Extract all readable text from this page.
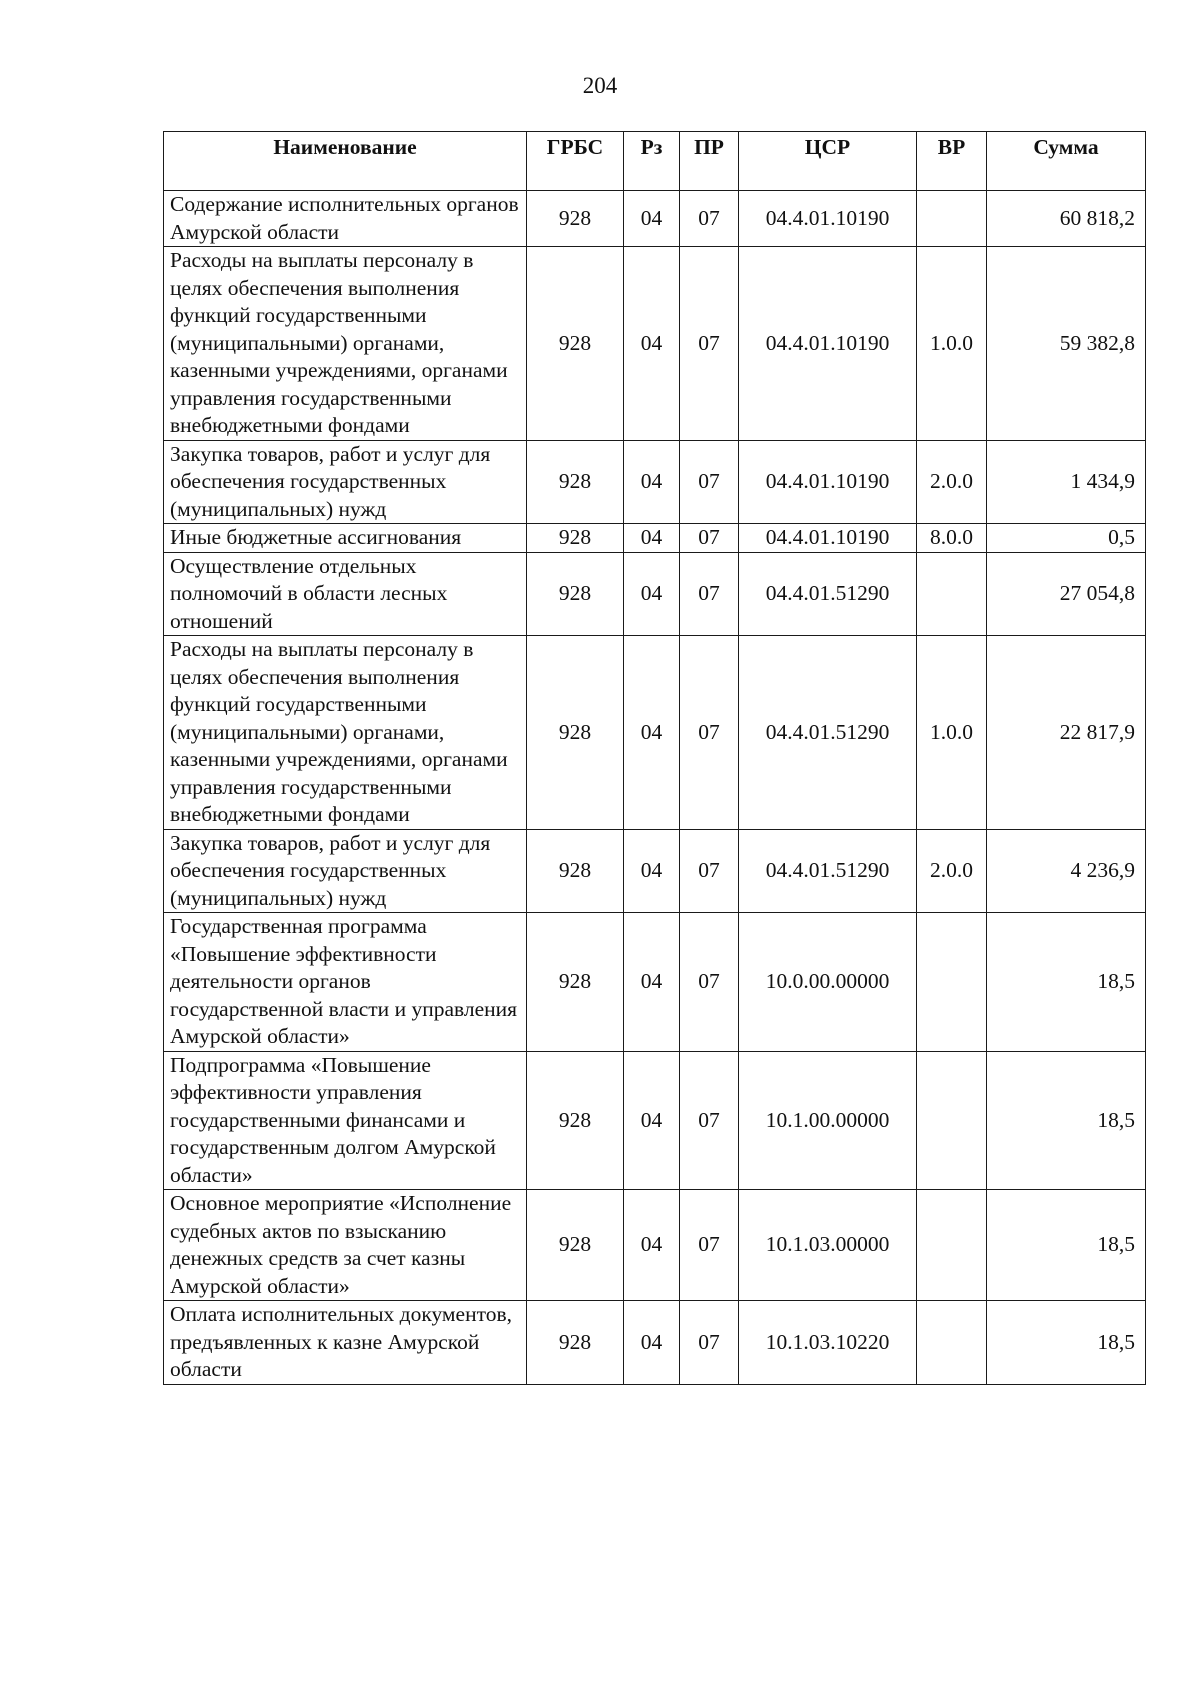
204
Наименование	ГРБС	Рз	ПР	ЦСР	ВР	Сумма
Содержание исполнительных органов Амурской области	928	04	07	04.4.01.10190		60 818,2
Расходы на выплаты персоналу в целях обеспечения выполнения функций государственными (муниципальными) органами, казенными учреждениями, органами управления государственными внебюджетными фондами	928	04	07	04.4.01.10190	1.0.0	59 382,8
Закупка товаров, работ и услуг для обеспечения государственных (муниципальных) нужд	928	04	07	04.4.01.10190	2.0.0	1 434,9
Иные бюджетные ассигнования	928	04	07	04.4.01.10190	8.0.0	0,5
Осуществление отдельных полномочий в области лесных отношений	928	04	07	04.4.01.51290		27 054,8
Расходы на выплаты персоналу в целях обеспечения выполнения функций государственными (муниципальными) органами, казенными учреждениями, органами управления государственными внебюджетными фондами	928	04	07	04.4.01.51290	1.0.0	22 817,9
Закупка товаров, работ и услуг для обеспечения государственных (муниципальных) нужд	928	04	07	04.4.01.51290	2.0.0	4 236,9
Государственная программа «Повышение эффективности деятельности органов государственной власти и управления Амурской области»	928	04	07	10.0.00.00000		18,5
Подпрограмма «Повышение эффективности управления государственными финансами и государственным долгом Амурской области»	928	04	07	10.1.00.00000		18,5
Основное мероприятие «Исполнение судебных актов по взысканию денежных средств за счет казны Амурской области»	928	04	07	10.1.03.00000		18,5
Оплата исполнительных документов, предъявленных к казне Амурской области	928	04	07	10.1.03.10220		18,5
